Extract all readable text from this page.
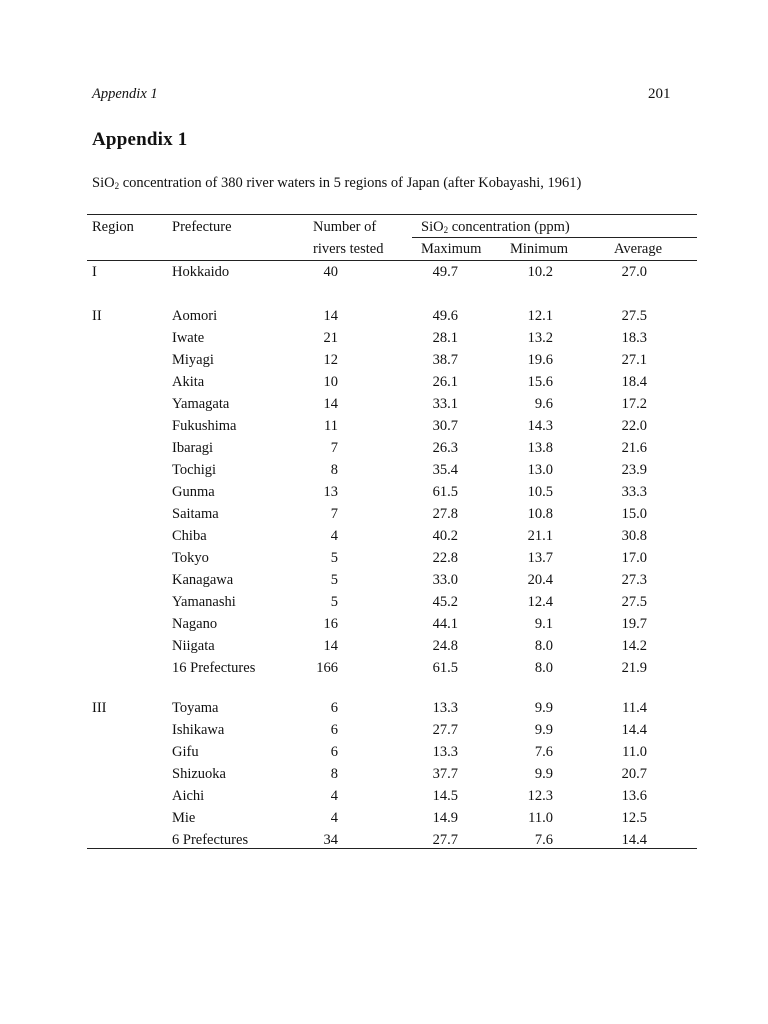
Appendix 1	201
Appendix 1
SiO$_2$ concentration of 380 river waters in 5 regions of Japan (after Kobayashi, 1961)
Region	Prefecture	Number of
rivers tested
SiO$_2$ concentration (ppm)
Maximum Minimum	Average
I	Hokkaido	40	49.7	10.2	27.0
II	Aomori	14	49.6	12.1	27.5
Iwate	21	28.1	13.2	18.3
Miyagi	12	38.7	19.6	27.1
Akita	10	26.1	15.6	18.4
Yamagata	14	33.1	9.6	17.2
Fukushima	11	30.7	14.3	22.0
Ibaragi	7	26.3	13.8	21.6
Tochigi	8	35.4	13.0	23.9
Gunma	13	61.5	10.5	33.3
Saitama	7	27.8	10.8	15.0
Chiba	4	40.2	21.1	30.8
Tokyo	5	22.8	13.7	17.0
Kanagawa	5	33.0	20.4	27.3
Yamanashi	5	45.2	12.4	27.5
Nagano	16	44.1	9.1	19.7
Niigata	14	24.8	8.0	14.2
16 Prefectures	166	61.5	8.0	21.9
III	Toyama	6	13.3	9.9	11.4
Ishikawa	6	27.7	9.9	14.4
Gifu	6	13.3	7.6	11.0
Shizuoka	8	37.7	9.9	20.7
Aichi	4	14.5	12.3	13.6
Mie	4	14.9	11.0	12.5
6 Prefectures	34	27.7	7.6	14.4
